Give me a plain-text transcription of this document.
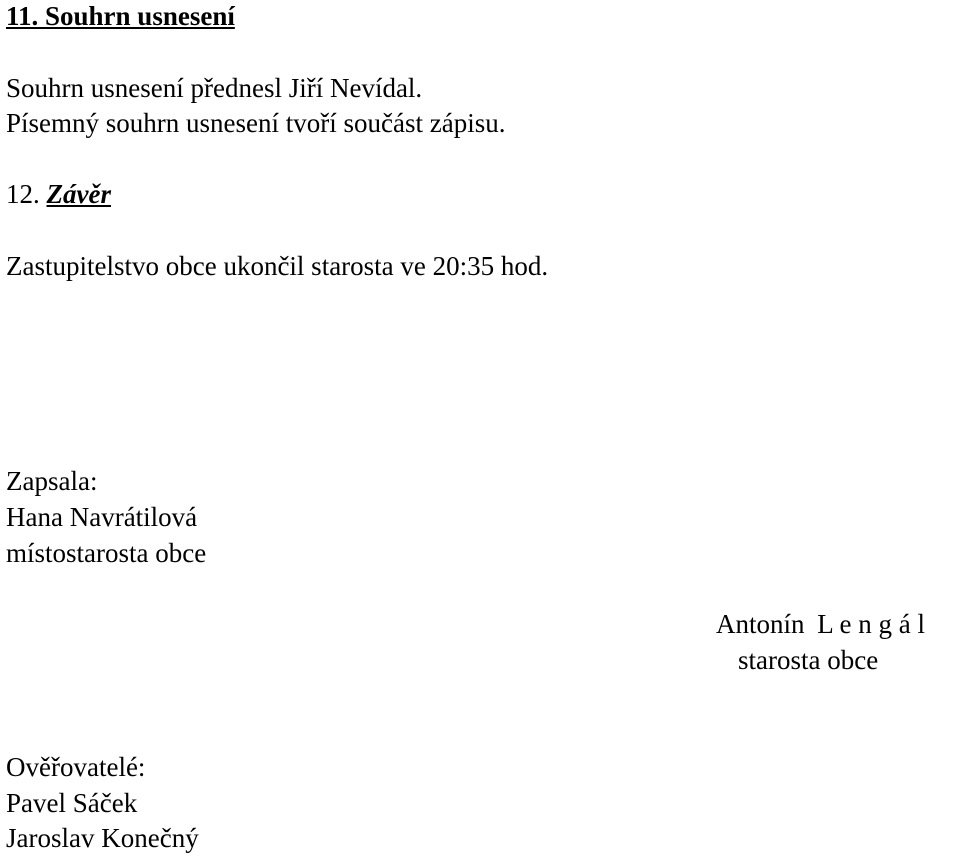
11. Souhrn usnesení
Souhrn usnesení přednesl Jiří Nevídal.
Písemný souhrn usnesení tvoří součást zápisu.
12. Závěr
Zastupitelstvo obce ukončil starosta ve 20:35 hod.
Zapsala:
Hana Navrátilová
místostarosta obce
Antonín L e n g á l
starosta obce
Ověřovatelé:
Pavel Sáček
Jaroslav Konečný
